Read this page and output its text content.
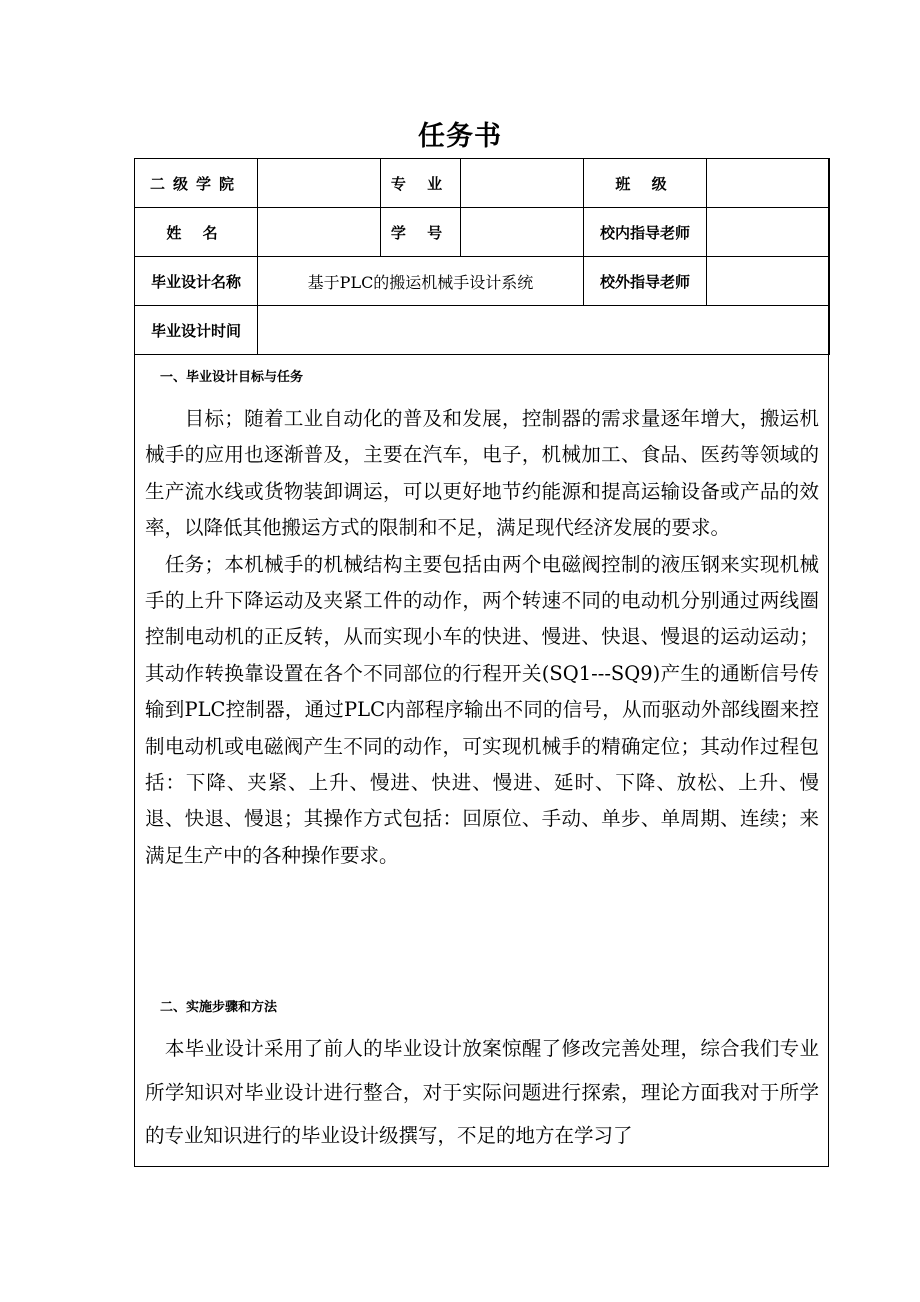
任务书
二级学院		专 业		班 级	
姓 名		学 号		校内指导老师	
毕业设计名称	基于PLC的搬运机械手设计系统			校外指导老师	
毕业设计时间					
一、毕业设计目标与任务
　　目标；随着工业自动化的普及和发展，控制器的需求量逐年增大，搬运机械手的应用也逐渐普及，主要在汽车，电子，机械加工、食品、医药等领域的生产流水线或货物装卸调运，可以更好地节约能源和提高运输设备或产品的效率，以降低其他搬运方式的限制和不足，满足现代经济发展的要求。
　任务；本机械手的机械结构主要包括由两个电磁阀控制的液压钢来实现机械手的上升下降运动及夹紧工件的动作，两个转速不同的电动机分别通过两线圈控制电动机的正反转，从而实现小车的快进、慢进、快退、慢退的运动运动；其动作转换靠设置在各个不同部位的行程开关(SQ1---SQ9)产生的通断信号传输到PLC控制器，通过PLC内部程序输出不同的信号，从而驱动外部线圈来控制电动机或电磁阀产生不同的动作，可实现机械手的精确定位；其动作过程包括：下降、夹紧、上升、慢进、快进、慢进、延时、下降、放松、上升、慢退、快退、慢退；其操作方式包括：回原位、手动、单步、单周期、连续；来满足生产中的各种操作要求。
二、实施步骤和方法
　本毕业设计采用了前人的毕业设计放案惊醒了修改完善处理，综合我们专业所学知识对毕业设计进行整合，对于实际问题进行探索，理论方面我对于所学的专业知识进行的毕业设计级撰写，不足的地方在学习了
